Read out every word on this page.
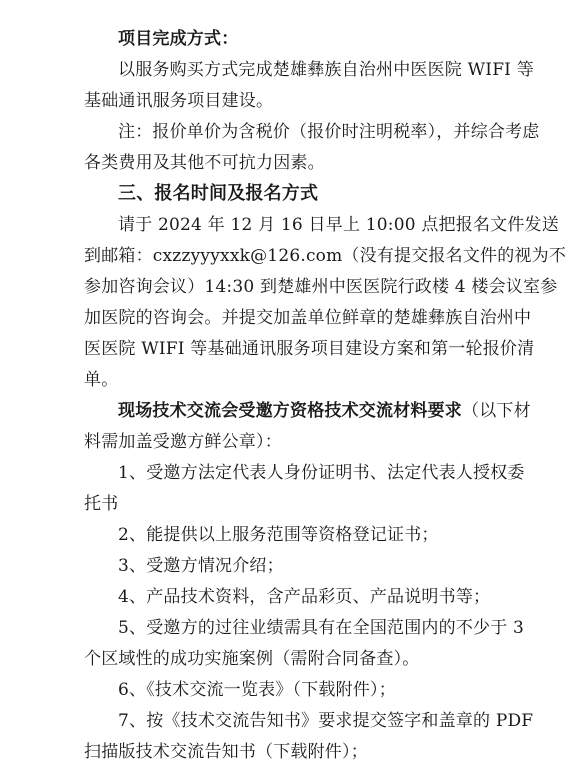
项目完成方式：
以服务购买方式完成楚雄彝族自治州中医医院 WIFI 等
基础通讯服务项目建设。
注：报价单价为含税价（报价时注明税率），并综合考虑
各类费用及其他不可抗力因素。
三、报名时间及报名方式
请于 2024 年 12 月 16 日早上 10:00 点把报名文件发送
到邮箱：cxzzyyyxxk@126.com（没有提交报名文件的视为不
参加咨询会议）14:30 到楚雄州中医医院行政楼 4 楼会议室参
加医院的咨询会。并提交加盖单位鲜章的楚雄彝族自治州中
医医院 WIFI 等基础通讯服务项目建设方案和第一轮报价清
单。
现场技术交流会受邀方资格技术交流材料要求（以下材
料需加盖受邀方鲜公章）：
1、受邀方法定代表人身份证明书、法定代表人授权委
托书
2、能提供以上服务范围等资格登记证书；
3、受邀方情况介绍；
4、产品技术资料，含产品彩页、产品说明书等；
5、受邀方的过往业绩需具有在全国范围内的不少于 3
个区域性的成功实施案例（需附合同备查）。
6、《技术交流一览表》（下载附件）；
7、按《技术交流告知书》要求提交签字和盖章的 PDF
扫描版技术交流告知书（下载附件）；
